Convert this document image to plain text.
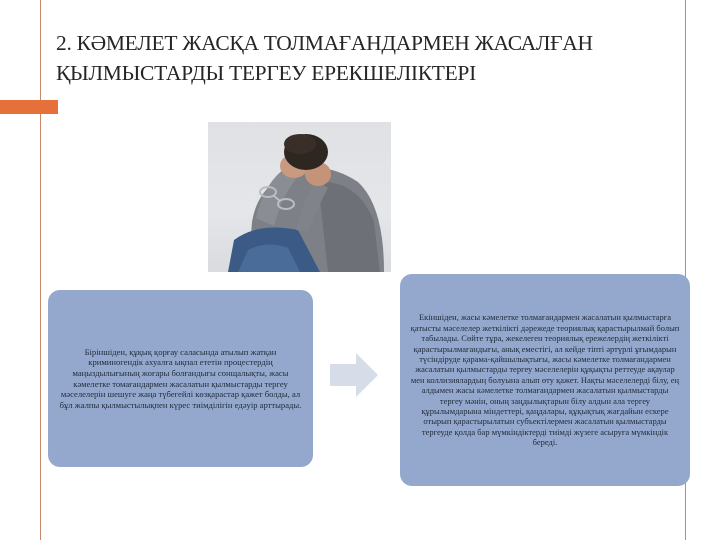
2. КӘМЕЛЕТ ЖАСҚА ТОЛМАҒАНДАРМЕН ЖАСАЛҒАН ҚЫЛМЫСТАРДЫ ТЕРГЕУ ЕРЕКШЕЛІКТЕРІ

Біріншіден, құқық қорғау саласында атылып жатқан криминогендік ахуалға ықпал ететін процестердің маңыздылығының жоғары болғандығы сонщалықты, жасы кәмелетке томағандармен жасалатын қылмыстарды тергеу мәселелерін шешуге жаңа түбегейлі көзқарастар қажет болды, ал бұл жалпы қылмыстылықпен күрес тиімділігін едәуір арттырады.

Екіншіден, жасы кәмелетке толмағандармен жасалатын қылмыстарға қатысты мәселелер жеткілікті дәрежеде теориялық қарастырылмай болып табылады. Сөйте тұра, жекелеген теориялық ережелердің жеткілікті қарастырылмағандығы, анық еместігі, ал кейде тіпті әртүрлі ұғымдарын түсіндіруде қарама-қайшылықтығы, жасы кәмелетке толмағандармен жасалатын қылмыстарды тергеу мәселелерін құқықты реттеуде ақаулар мен коллизиялардың болуына алып өту қажет. Нақты мәселелерді білу, ең алдымен жасы кәмелетке толмағандармен жасалатын қылмыстарды тергеу мәнін, оның заңдылықтарын білу алдын ала тергеу құрылымдарына міндеттері, қаңдалары, құқықтық жағдайын ескере отырып қарастырылатын субъектілермен жасалатын қылмыстарды тергеуде қолда бар мүмкіндіктерді тиімді жүзеге асыруға мүмкіндік береді.
